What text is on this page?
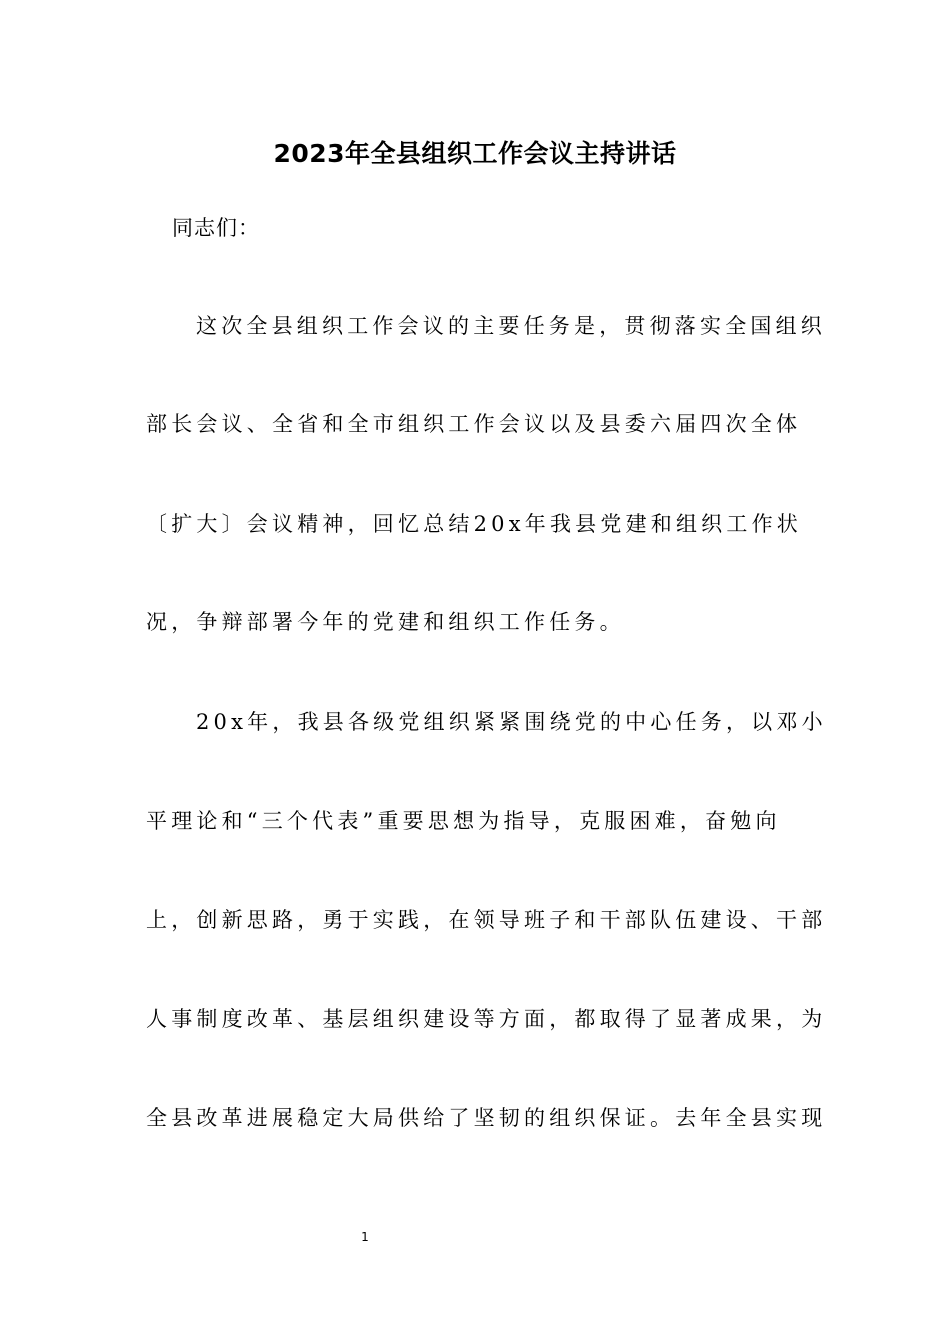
2023年全县组织工作会议主持讲话
同志们：
这次全县组织工作会议的主要任务是，贯彻落实全国组织
部长会议、全省和全市组织工作会议以及县委六届四次全体
〔扩大〕会议精神，回忆总结20x年我县党建和组织工作状
况，争辩部署今年的党建和组织工作任务。
20x年，我县各级党组织紧紧围绕党的中心任务，以邓小
平理论和“三个代表”重要思想为指导，克服困难，奋勉向
上，创新思路，勇于实践，在领导班子和干部队伍建设、干部
人事制度改革、基层组织建设等方面，都取得了显著成果，为
全县改革进展稳定大局供给了坚韧的组织保证。去年全县实现
1
